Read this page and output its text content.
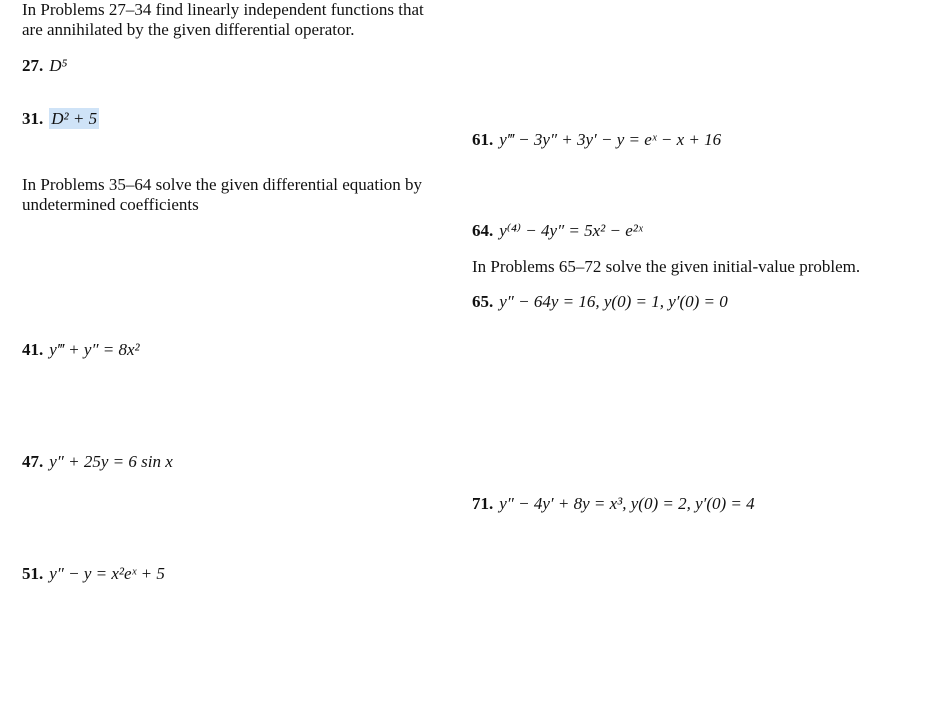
In Problems 27–34 find linearly independent functions that
are annihilated by the given differential operator.
27. D⁵
31. D² + 5
In Problems 35–64 solve the given differential equation by
undetermined coefficients
41. y‴ + y″ = 8x²
47. y″ + 25y = 6 sin x
51. y″ − y = x²eˣ + 5
61. y‴ − 3y″ + 3y′ − y = eˣ − x + 16
64. y⁽⁴⁾ − 4y″ = 5x² − e²ˣ
In Problems 65–72 solve the given initial-value problem.
65. y″ − 64y = 16, y(0) = 1, y′(0) = 0
71. y″ − 4y′ + 8y = x³, y(0) = 2, y′(0) = 4
